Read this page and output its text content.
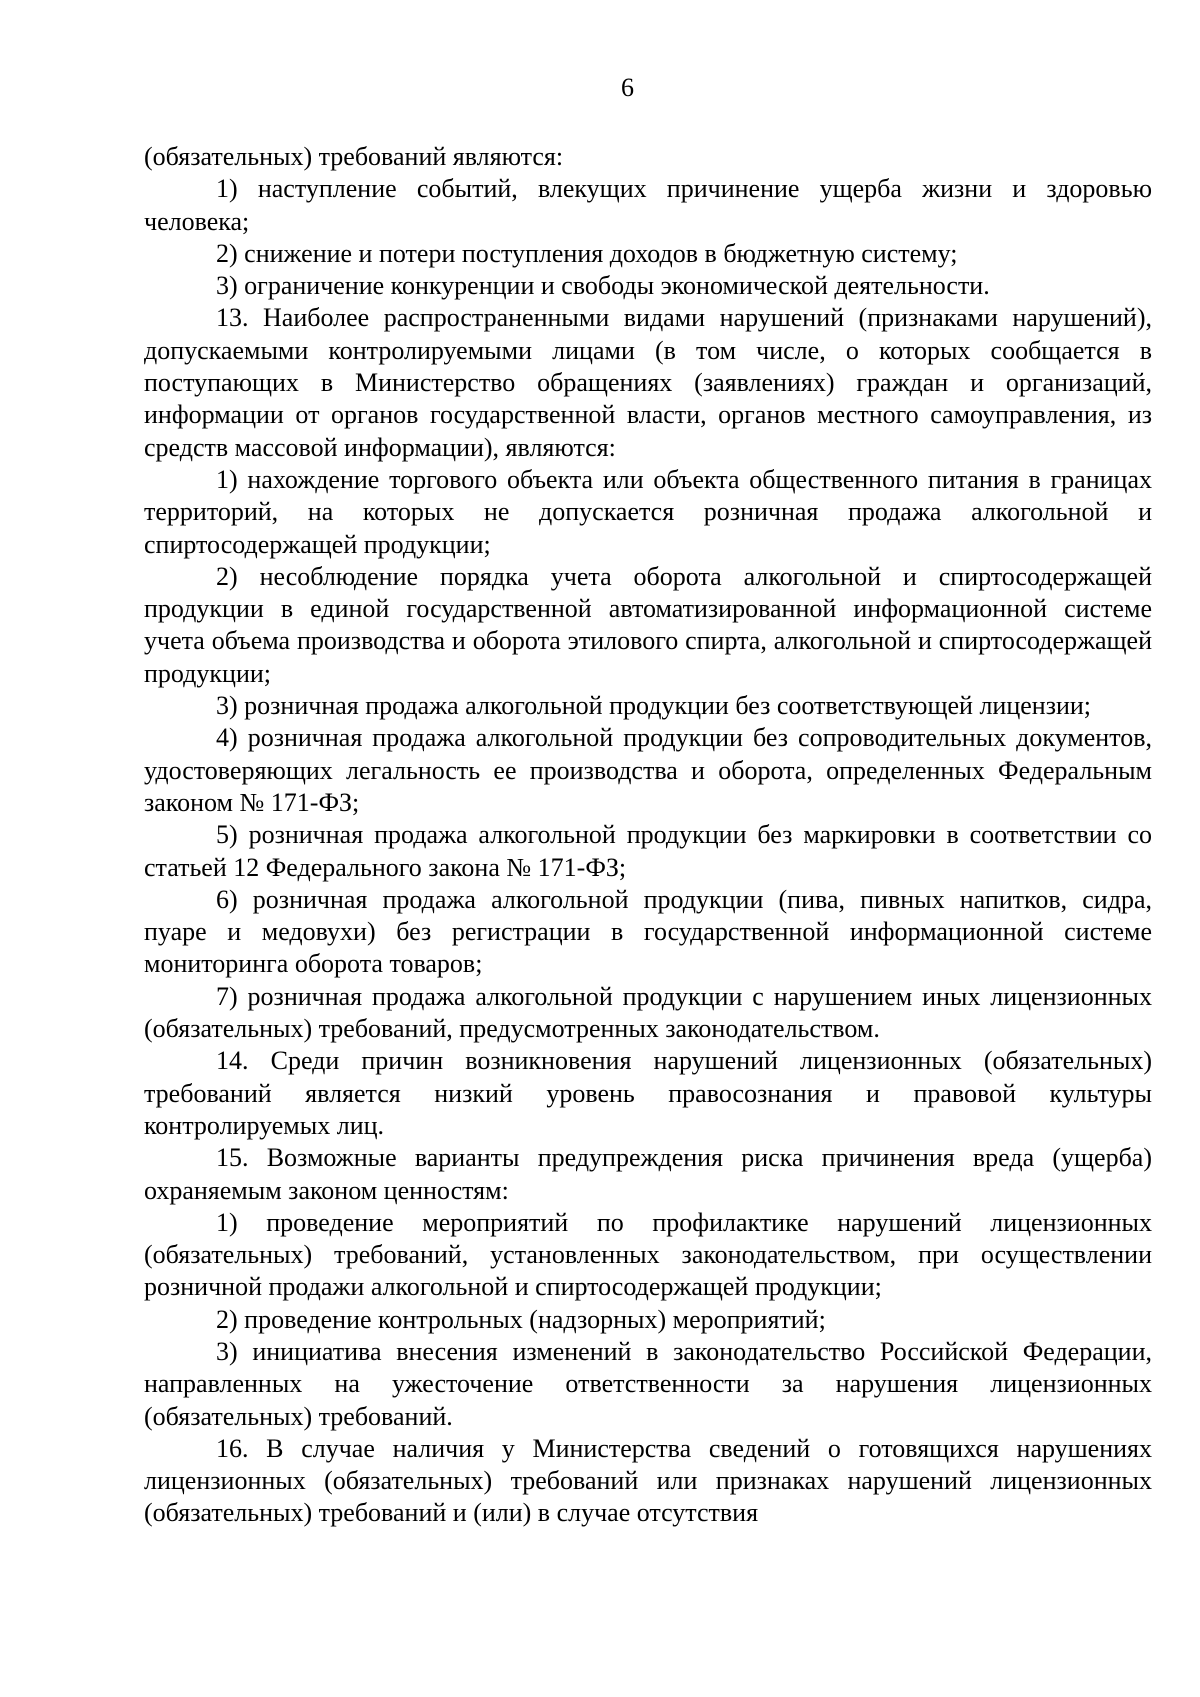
6

(обязательных) требований являются:

1) наступление событий, влекущих причинение ущерба жизни и здоровью человека;

2) снижение и потери поступления доходов в бюджетную систему;

3) ограничение конкуренции и свободы экономической деятельности.

13. Наиболее распространенными видами нарушений (признаками нарушений), допускаемыми контролируемыми лицами (в том числе, о которых сообщается в поступающих в Министерство обращениях (заявлениях) граждан и организаций, информации от органов государственной власти, органов местного самоуправления, из средств массовой информации), являются:

1) нахождение торгового объекта или объекта общественного питания в границах территорий, на которых не допускается розничная продажа алкогольной и спиртосодержащей продукции;

2) несоблюдение порядка учета оборота алкогольной и спиртосодержащей продукции в единой государственной автоматизированной информационной системе учета объема производства и оборота этилового спирта, алкогольной и спиртосодержащей продукции;

3) розничная продажа алкогольной продукции без соответствующей лицензии;

4) розничная продажа алкогольной продукции без сопроводительных документов, удостоверяющих легальность ее производства и оборота, определенных Федеральным законом № 171-ФЗ;

5) розничная продажа алкогольной продукции без маркировки в соответствии со статьей 12 Федерального закона № 171-ФЗ;

6) розничная продажа алкогольной продукции (пива, пивных напитков, сидра, пуаре и медовухи) без регистрации в государственной информационной системе мониторинга оборота товаров;

7) розничная продажа алкогольной продукции с нарушением иных лицензионных (обязательных) требований, предусмотренных законодательством.

14. Среди причин возникновения нарушений лицензионных (обязательных) требований является низкий уровень правосознания и правовой культуры контролируемых лиц.

15. Возможные варианты предупреждения риска причинения вреда (ущерба) охраняемым законом ценностям:

1) проведение мероприятий по профилактике нарушений лицензионных (обязательных) требований, установленных законодательством, при осуществлении розничной продажи алкогольной и спиртосодержащей продукции;

2) проведение контрольных (надзорных) мероприятий;

3) инициатива внесения изменений в законодательство Российской Федерации, направленных на ужесточение ответственности за нарушения лицензионных (обязательных) требований.

16. В случае наличия у Министерства сведений о готовящихся нарушениях лицензионных (обязательных) требований или признаках нарушений лицензионных (обязательных) требований и (или) в случае отсутствия
